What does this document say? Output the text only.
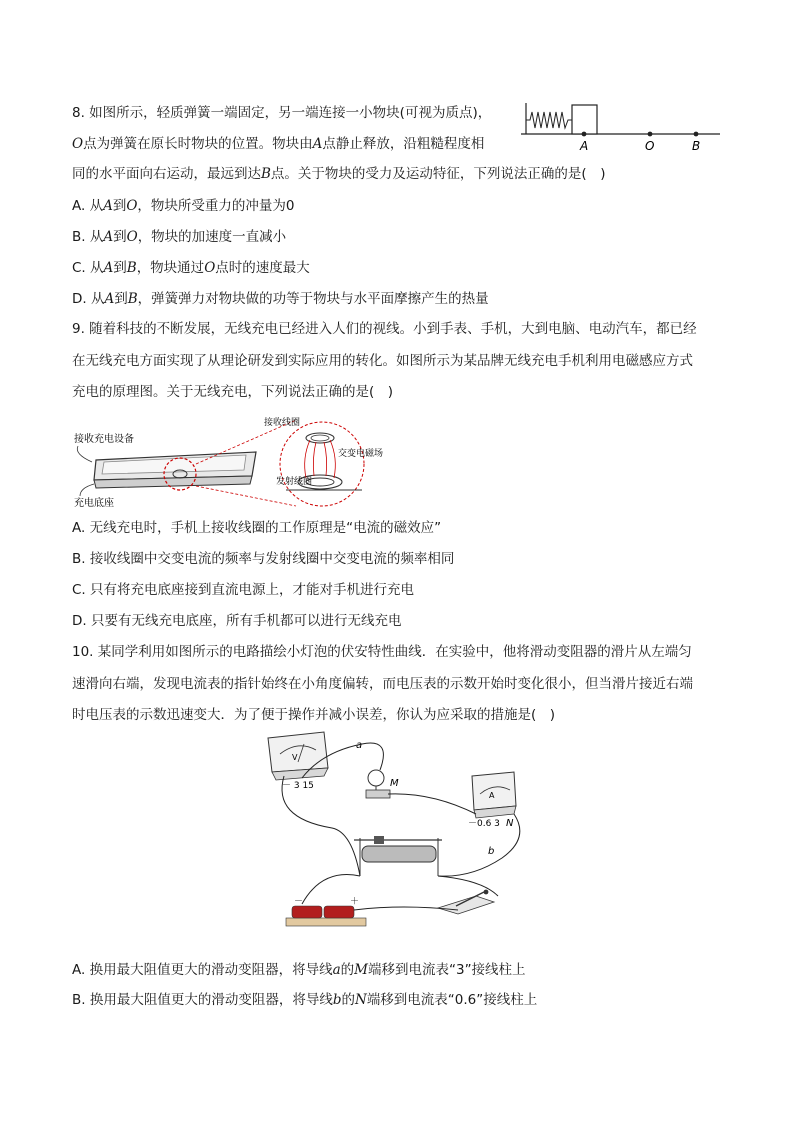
8. 如图所示，轻质弹簧一端固定，另一端连接一小物块(可视为质点)，
O点为弹簧在原长时物块的位置。物块由A点静止释放，沿粗糙程度相
同的水平面向右运动，最远到达B点。关于物块的受力及运动特征，下列说法正确的是(　)
A	O	B
A. 从A到O，物块所受重力的冲量为0
B. 从A到O，物块的加速度一直减小
C. 从A到B，物块通过O点时的速度最大
D. 从A到B，弹簧弹力对物块做的功等于物块与水平面摩擦产生的热量
9. 随着科技的不断发展，无线充电已经进入人们的视线。小到手表、手机，大到电脑、电动汽车，都已经
在无线充电方面实现了从理论研发到实际应用的转化。如图所示为某品牌无线充电手机利用电磁感应方式
充电的原理图。关于无线充电，下列说法正确的是(　)
接收充电设备
充电底座
接收线圈
交变电磁场
发射线圈
A. 无线充电时，手机上接收线圈的工作原理是“电流的磁效应”
B. 接收线圈中交变电流的频率与发射线圈中交变电流的频率相同
C. 只有将充电底座接到直流电源上，才能对手机进行充电
D. 只要有无线充电底座，所有手机都可以进行无线充电
10. 某同学利用如图所示的电路描绘小灯泡的伏安特性曲线．在实验中，他将滑动变阻器的滑片从左端匀
速滑向右端，发现电流表的指针始终在小角度偏转，而电压表的示数开始时变化很小，但当滑片接近右端
时电压表的示数迅速变大．为了便于操作并减小误差，你认为应采取的措施是(　)
V
－ 3 15
A
－0.6 3
M
N
a
b
－	＋
A. 换用最大阻值更大的滑动变阻器，将导线a的M端移到电流表“3”接线柱上
B. 换用最大阻值更大的滑动变阻器，将导线b的N端移到电流表“0.6”接线柱上
